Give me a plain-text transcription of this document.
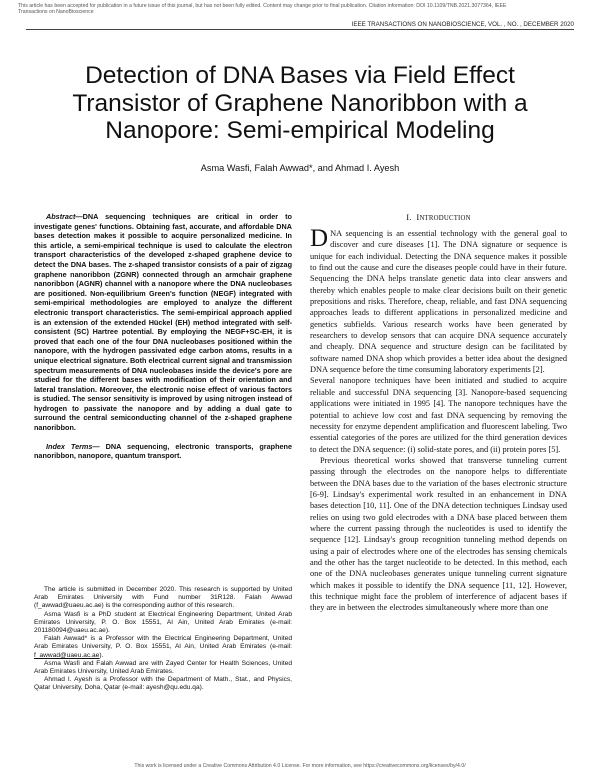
This article has been accepted for publication in a future issue of this journal, but has not been fully edited. Content may change prior to final publication. Citation information: DOI 10.1109/TNB.2021.3077364, IEEE
Transactions on NanoBioscience
IEEE TRANSACTIONS ON NANOBIOSCIENCE, VOL. , NO. , DECEMBER 2020
Detection of DNA Bases via Field Effect Transistor of Graphene Nanoribbon with a Nanopore: Semi-empirical Modeling
Asma Wasfi, Falah Awwad*, and Ahmad I. Ayesh

Abstract—DNA sequencing techniques are critical in order to investigate genes' functions. Obtaining fast, accurate, and affordable DNA bases detection makes it possible to acquire personalized medicine. In this article, a semi-empirical technique is used to calculate the electron transport characteristics of the developed z-shaped graphene device to detect the DNA bases. The z-shaped transistor consists of a pair of zigzag graphene nanoribbon (ZGNR) connected through an armchair graphene nanoribbon (AGNR) channel with a nanopore where the DNA nucleobases are positioned. Non-equilibrium Green's function (NEGF) integrated with semi-empirical methodologies are employed to analyze the different electronic transport characteristics. The semi-empirical approach applied is an extension of the extended Hückel (EH) method integrated with self-consistent (SC) Hartree potential. By employing the NEGF+SC-EH, it is proved that each one of the four DNA nucleobases positioned within the nanopore, with the hydrogen passivated edge carbon atoms, results in a unique electrical signature. Both electrical current signal and transmission spectrum measurements of DNA nucleobases inside the device's pore are studied for the different bases with modification of their orientation and lateral translation. Moreover, the electronic noise effect of various factors is studied. The sensor sensitivity is improved by using nitrogen instead of hydrogen to passivate the nanopore and by adding a dual gate to surround the central semiconducting channel of the z-shaped graphene nanoribbon.

Index Terms— DNA sequencing, electronic transports, graphene nanoribbon, nanopore, quantum transport.

The article is submitted in December 2020. This research is supported by United Arab Emirates University with Fund number 31R128. Falah Awwad (f_awwad@uaeu.ac.ae) is the corresponding author of this research.

Asma Wasfi is a PhD student at Electrical Engineering Department, United Arab Emirates University, P. O. Box 15551, Al Ain, United Arab Emirates (e-mail: 201180094@uaeu.ac.ae).

Falah Awwad* is a Professor with the Electrical Engineering Department, United Arab Emirates University, P. O. Box 15551, Al Ain, United Arab Emirates (e-mail: f_awwad@uaeu.ac.ae).

Asma Wasfi and Falah Awwad are with Zayed Center for Health Sciences, United Arab Emirates University, United Arab Emirates.

Ahmad I. Ayesh is a Professor with the Department of Math., Stat., and Physics, Qatar University, Doha, Qatar (e-mail: ayesh@qu.edu.qa).

I. INTRODUCTION

DNA sequencing is an essential technology with the general goal to discover and cure diseases [1]. The DNA signature or sequence is unique for each individual. Detecting the DNA sequence makes it possible to find out the cause and cure the diseases people could have in their future. Sequencing the DNA helps translate genetic data into clear answers and thereby which enables people to make clear decisions built on their genetic prepositions and risks. Therefore, cheap, reliable, and fast DNA sequencing approaches leads to different applications in personalized medicine and genetics subfields. Various research works have been generated by researchers to develop sensors that can acquire DNA sequence accurately and cheaply. DNA sequence and structure design can be facilitated by software named DNA shop which provides a better idea about the designed DNA sequence before the time consuming laboratory experiments [2].

Several nanopore techniques have been initiated and studied to acquire reliable and successful DNA sequencing [3]. Nanopore-based sequencing applications were initiated in 1995 [4]. The nanopore techniques have the potential to achieve low cost and fast DNA sequencing by removing the necessity for enzyme dependent amplification and fluorescent labeling. Two essential categories of the pores are utilized for the third generation devices to detect the DNA sequence: (i) solid-state pores, and (ii) protein pores [5].

Previous theoretical works showed that transverse tunneling current passing through the electrodes on the nanopore helps to differentiate between the DNA bases due to the variation of the bases electronic structure [6-9]. Lindsay's experimental work resulted in an enhancement in DNA bases detection [10, 11]. One of the DNA detection techniques Lindsay used relies on using two gold electrodes with a DNA base placed between them where the current passing through the nucleotides is used to identify the sequence [12]. Lindsay's group recognition tunneling method depends on using a pair of electrodes where one of the electrodes has sensing chemicals and the other has the target nucleotide to be detected. In this method, each one of the DNA nucleobases generates unique tunneling current signature which makes it possible to identify the DNA sequence [11, 12]. However, this technique might face the problem of interference of adjacent bases if they are in between the electrodes simultaneously where more than one

This work is licensed under a Creative Commons Attribution 4.0 License. For more information, see https://creativecommons.org/licenses/by/4.0/
